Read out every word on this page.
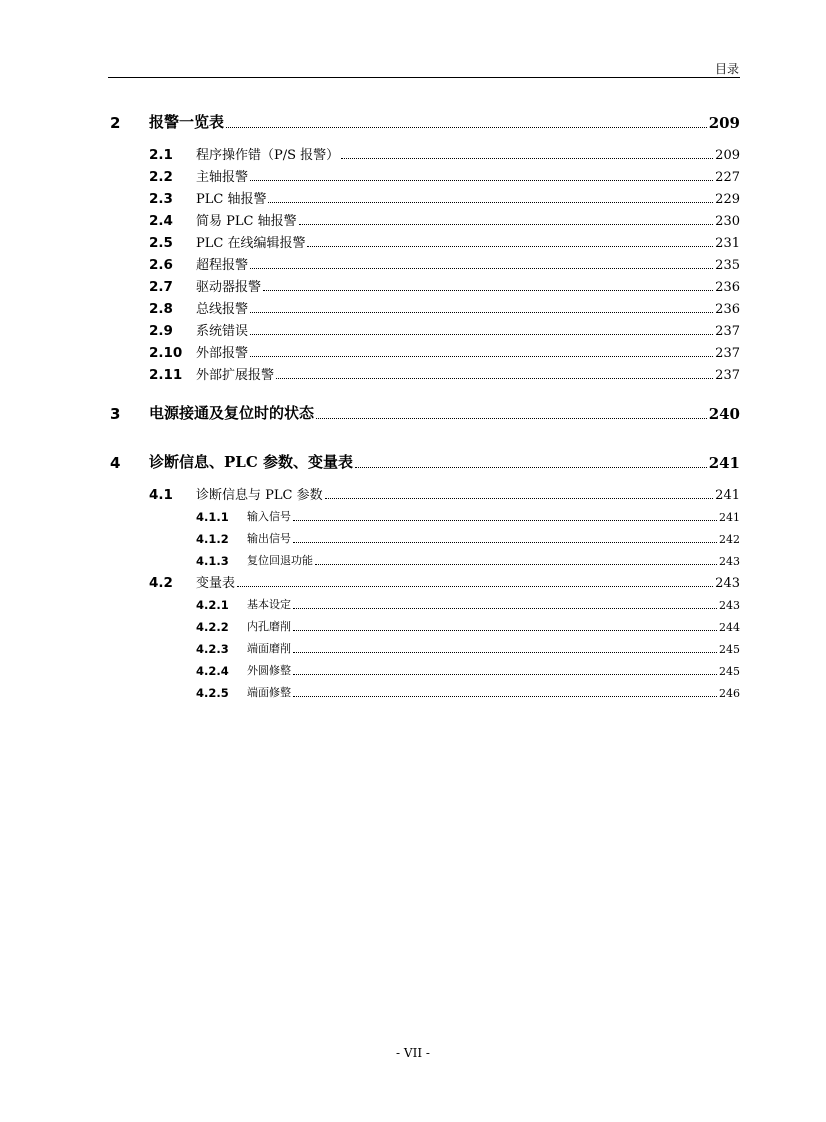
目录
2 报警一览表	209
2.1 程序操作错（P/S 报警）	209
2.2 主轴报警	227
2.3 PLC 轴报警	229
2.4 简易 PLC 轴报警	230
2.5 PLC 在线编辑报警	231
2.6 超程报警	235
2.7 驱动器报警	236
2.8 总线报警	236
2.9 系统错误	237
2.10 外部报警	237
2.11 外部扩展报警	237
3 电源接通及复位时的状态	240
4 诊断信息、PLC 参数、变量表	241
4.1 诊断信息与 PLC 参数	241
4.1.1 输入信号	241
4.1.2 输出信号	242
4.1.3 复位回退功能	243
4.2 变量表	243
4.2.1 基本设定	243
4.2.2 内孔磨削	244
4.2.3 端面磨削	245
4.2.4 外圆修整	245
4.2.5 端面修整	246
- VII -
